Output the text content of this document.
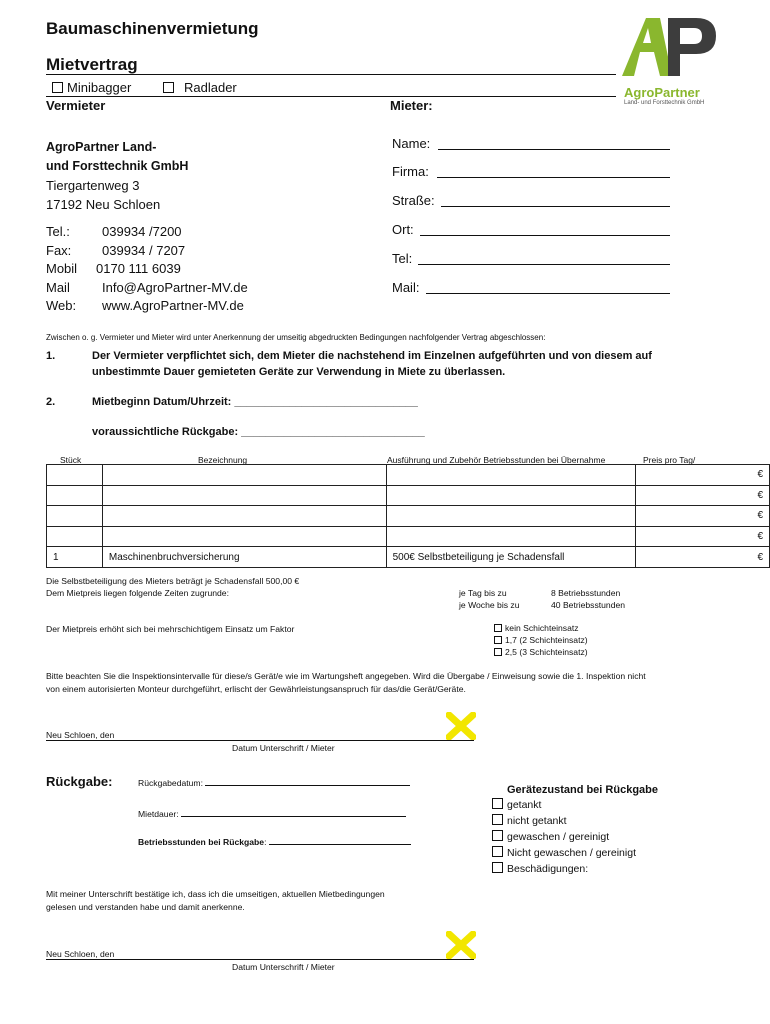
Baumaschinenvermietung
Mietvertrag
Minibagger	Radlader	AgroPartner
Land- und Forsttechnik GmbH
Vermieter
AgroPartner Land-
und Forsttechnik GmbH
Tiergartenweg 3
17192 Neu Schloen
Tel.: 039934 /7200
Fax: 039934 / 7207
Mobil 0170 111 6039
Mail Info@AgroPartner-MV.de
Web: www.AgroPartner-MV.de
Mieter:
Name:
Firma:
Straße:
Ort:
Tel:
Mail:
Zwischen o. g. Vermieter und Mieter wird unter Anerkennung der umseitig abgedruckten Bedingungen nachfolgender Vertrag abgeschlossen:
1.	Der Vermieter verpflichtet sich, dem Mieter die nachstehend im Einzelnen aufgeführten und von diesem auf
unbestimmte Dauer gemieteten Geräte zur Verwendung in Miete zu überlassen.
2.	Mietbeginn Datum/Uhrzeit: ______________________________
voraussichtliche Rückgabe: ______________________________
Stück	Bezeichnung	Ausführung und Zubehör Betriebsstunden bei Übernahme	Preis pro Tag/___
			€
			€
			€
			€
1	Maschinenbruchversicherung	500€ Selbstbeteiligung je Schadensfall	€
Die Selbstbeteiligung des Mieters beträgt je Schadensfall 500,00 €
Dem Mietpreis liegen folgende Zeiten zugrunde:	je Tag bis zu	8 Betriebsstunden
je Woche bis zu	40 Betriebsstunden
Der Mietpreis erhöht sich bei mehrschichtigem Einsatz um Faktor	kein Schichteinsatz
1,7 (2 Schichteinsatz)
2,5 (3 Schichteinsatz)
Bitte beachten Sie die Inspektionsintervalle für diese/s Gerät/e wie im Wartungsheft angegeben. Wird die Übergabe / Einweisung sowie die 1. Inspektion nicht
von einem autorisierten Monteur durchgeführt, erlischt der Gewährleistungsanspruch für das/die Gerät/Geräte.
Neu Schloen, den
Datum Unterschrift / Mieter
Rückgabe:	Rückgabedatum:
Mietdauer:
Betriebsstunden bei Rückgabe:
Gerätezustand bei Rückgabe
getankt
nicht getankt
gewaschen / gereinigt
Nicht gewaschen / gereinigt
Beschädigungen:
Mit meiner Unterschrift bestätige ich, dass ich die umseitigen, aktuellen Mietbedingungen
gelesen und verstanden habe und damit anerkenne.
Neu Schloen, den
Datum Unterschrift / Mieter
